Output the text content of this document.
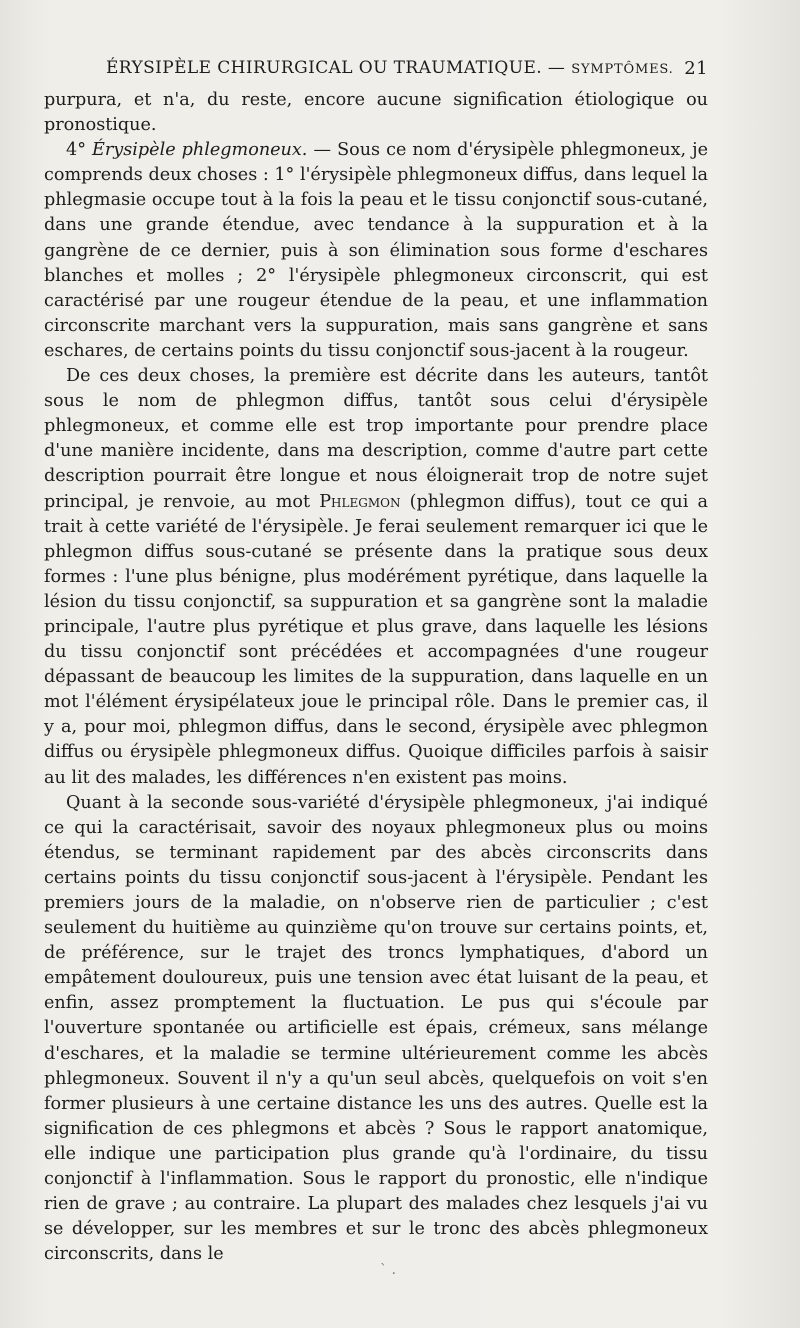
ÉRYSIPÈLE CHIRURGICAL OU TRAUMATIQUE. — SYMPTÔMES. 21

purpura, et n'a, du reste, encore aucune signification étiologique ou pronostique.

4° Érysipèle phlegmoneux. — Sous ce nom d'érysipèle phlegmoneux, je comprends deux choses : 1° l'érysipèle phlegmoneux diffus, dans lequel la phlegmasie occupe tout à la fois la peau et le tissu conjonctif sous-cutané, dans une grande étendue, avec tendance à la suppuration et à la gangrène de ce dernier, puis à son élimination sous forme d'eschares blanches et molles ; 2° l'érysipèle phlegmoneux circonscrit, qui est caractérisé par une rougeur étendue de la peau, et une inflammation circonscrite marchant vers la suppuration, mais sans gangrène et sans eschares, de certains points du tissu conjonctif sous-jacent à la rougeur.

De ces deux choses, la première est décrite dans les auteurs, tantôt sous le nom de phlegmon diffus, tantôt sous celui d'érysipèle phlegmoneux, et comme elle est trop importante pour prendre place d'une manière incidente, dans ma description, comme d'autre part cette description pourrait être longue et nous éloignerait trop de notre sujet principal, je renvoie, au mot Phlegmon (phlegmon diffus), tout ce qui a trait à cette variété de l'érysipèle. Je ferai seulement remarquer ici que le phlegmon diffus sous-cutané se présente dans la pratique sous deux formes : l'une plus bénigne, plus modérément pyrétique, dans laquelle la lésion du tissu conjonctif, sa suppuration et sa gangrène sont la maladie principale, l'autre plus pyrétique et plus grave, dans laquelle les lésions du tissu conjonctif sont précédées et accompagnées d'une rougeur dépassant de beaucoup les limites de la suppuration, dans laquelle en un mot l'élément érysipélateux joue le principal rôle. Dans le premier cas, il y a, pour moi, phlegmon diffus, dans le second, érysipèle avec phlegmon diffus ou érysipèle phlegmoneux diffus. Quoique difficiles parfois à saisir au lit des malades, les différences n'en existent pas moins.

Quant à la seconde sous-variété d'érysipèle phlegmoneux, j'ai indiqué ce qui la caractérisait, savoir des noyaux phlegmoneux plus ou moins étendus, se terminant rapidement par des abcès circonscrits dans certains points du tissu conjonctif sous-jacent à l'érysipèle. Pendant les premiers jours de la maladie, on n'observe rien de particulier ; c'est seulement du huitième au quinzième qu'on trouve sur certains points, et, de préférence, sur le trajet des troncs lymphatiques, d'abord un empâtement douloureux, puis une tension avec état luisant de la peau, et enfin, assez promptement la fluctuation. Le pus qui s'écoule par l'ouverture spontanée ou artificielle est épais, crémeux, sans mélange d'eschares, et la maladie se termine ultérieurement comme les abcès phlegmoneux. Souvent il n'y a qu'un seul abcès, quelquefois on voit s'en former plusieurs à une certaine distance les uns des autres. Quelle est la signification de ces phlegmons et abcès ? Sous le rapport anatomique, elle indique une participation plus grande qu'à l'ordinaire, du tissu conjonctif à l'inflammation. Sous le rapport du pronostic, elle n'indique rien de grave ; au contraire. La plupart des malades chez lesquels j'ai vu se développer, sur les membres et sur le tronc des abcès phlegmoneux circonscrits, dans le

ˋ .
